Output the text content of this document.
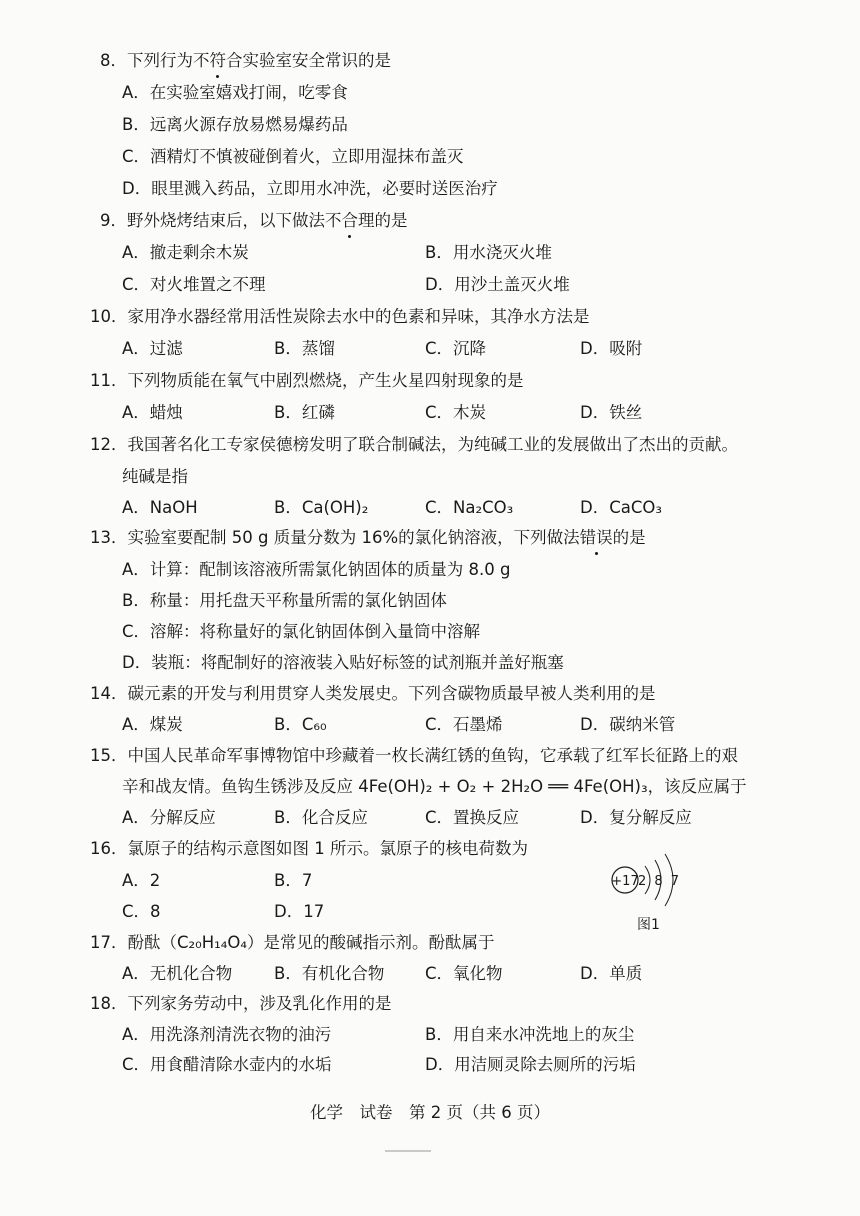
8．下列行为不符合实验室安全常识的是
A．在实验室嬉戏打闹，吃零食
B．远离火源存放易燃易爆药品
C．酒精灯不慎被碰倒着火，立即用湿抹布盖灭
D．眼里溅入药品，立即用水冲洗，必要时送医治疗
9．野外烧烤结束后，以下做法不合理的是
A．撤走剩余木炭	B．用水浇灭火堆
C．对火堆置之不理	D．用沙土盖灭火堆
10．家用净水器经常用活性炭除去水中的色素和异味，其净水方法是
A．过滤	B．蒸馏	C．沉降	D．吸附
11．下列物质能在氧气中剧烈燃烧，产生火星四射现象的是
A．蜡烛	B．红磷	C．木炭	D．铁丝
12．我国著名化工专家侯德榜发明了联合制碱法，为纯碱工业的发展做出了杰出的贡献。
纯碱是指
A．NaOH	B．Ca(OH)₂	C．Na₂CO₃	D．CaCO₃
13．实验室要配制 50 g 质量分数为 16%的氯化钠溶液，下列做法错误的是
A．计算：配制该溶液所需氯化钠固体的质量为 8.0 g
B．称量：用托盘天平称量所需的氯化钠固体
C．溶解：将称量好的氯化钠固体倒入量筒中溶解
D．装瓶：将配制好的溶液装入贴好标签的试剂瓶并盖好瓶塞
14．碳元素的开发与利用贯穿人类发展史。下列含碳物质最早被人类利用的是
A．煤炭	B．C₆₀	C．石墨烯	D．碳纳米管
15．中国人民革命军事博物馆中珍藏着一枚长满红锈的鱼钩，它承载了红军长征路上的艰
辛和战友情。鱼钩生锈涉及反应 4Fe(OH)₂ + O₂ + 2H₂O ══ 4Fe(OH)₃，该反应属于
A．分解反应	B．化合反应	C．置换反应	D．复分解反应
16．氯原子的结构示意图如图 1 所示。氯原子的核电荷数为
A．2	B．7
C．8	D．17
+17 2 8 7
图1
17．酚酞（C₂₀H₁₄O₄）是常见的酸碱指示剂。酚酞属于
A．无机化合物	B．有机化合物 C．氧化物	D．单质
18．下列家务劳动中，涉及乳化作用的是
A．用洗涤剂清洗衣物的油污	B．用自来水冲洗地上的灰尘
C．用食醋清除水壶内的水垢	D．用洁厕灵除去厕所的污垢
化学　试卷　第 2 页（共 6 页）
